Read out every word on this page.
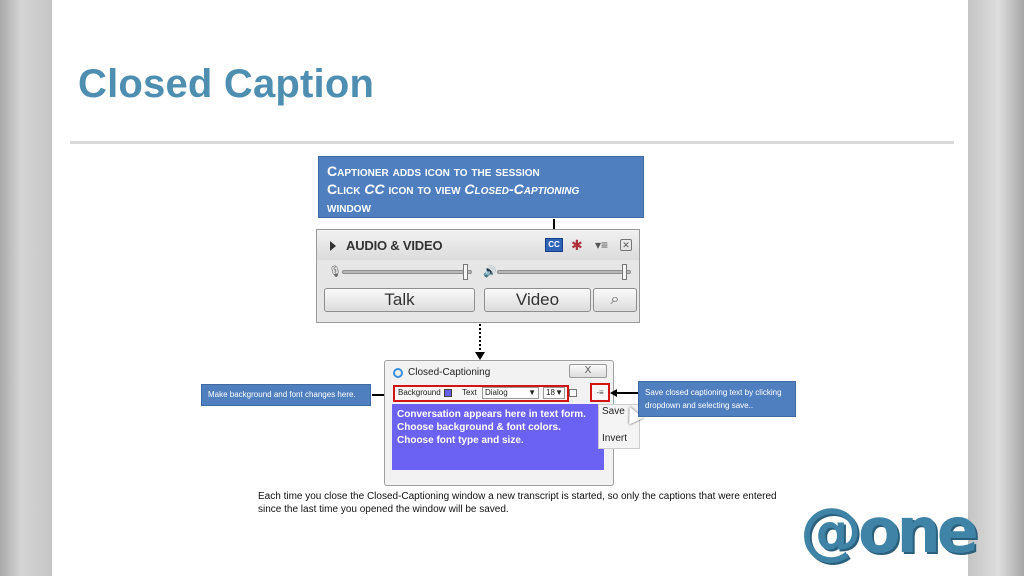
Closed Caption
Captioner adds icon to the session
Click CC icon to view Closed-Captioning
window
AUDIO & VIDEO	CC ✱ ▾≡ ✕
🎙	🔊
Talk	Video	⌕
Make background and font changes here.
Closed-Captioning	X
Background	Text	Dialog	▼	18 ▼	-≡
Conversation appears here in text form. Choose background & font colors. Choose font type and size.
Save
Invert
Save closed captioning text by clicking dropdown and selecting save..
Each time you close the Closed-Captioning window a new transcript is started, so only the captions that were entered since the last time you opened the window will be saved.	@one
